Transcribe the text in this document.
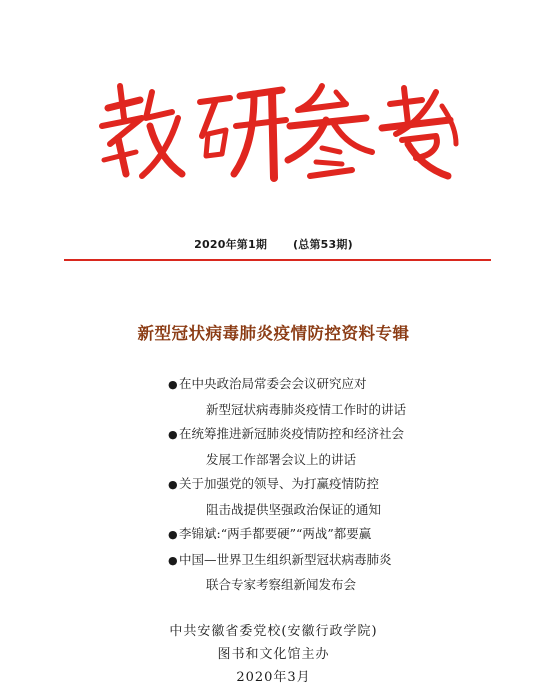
2020年第1期 (总第53期)
新型冠状病毒肺炎疫情防控资料专辑
●在中央政治局常委会会议研究应对
新型冠状病毒肺炎疫情工作时的讲话
●在统筹推进新冠肺炎疫情防控和经济社会
发展工作部署会议上的讲话
●关于加强党的领导、为打赢疫情防控
阻击战提供坚强政治保证的通知
●李锦斌:“两手都要硬”“两战”都要赢
●中国—世界卫生组织新型冠状病毒肺炎
联合专家考察组新闻发布会
中共安徽省委党校(安徽行政学院)
图书和文化馆主办
2020年3月
